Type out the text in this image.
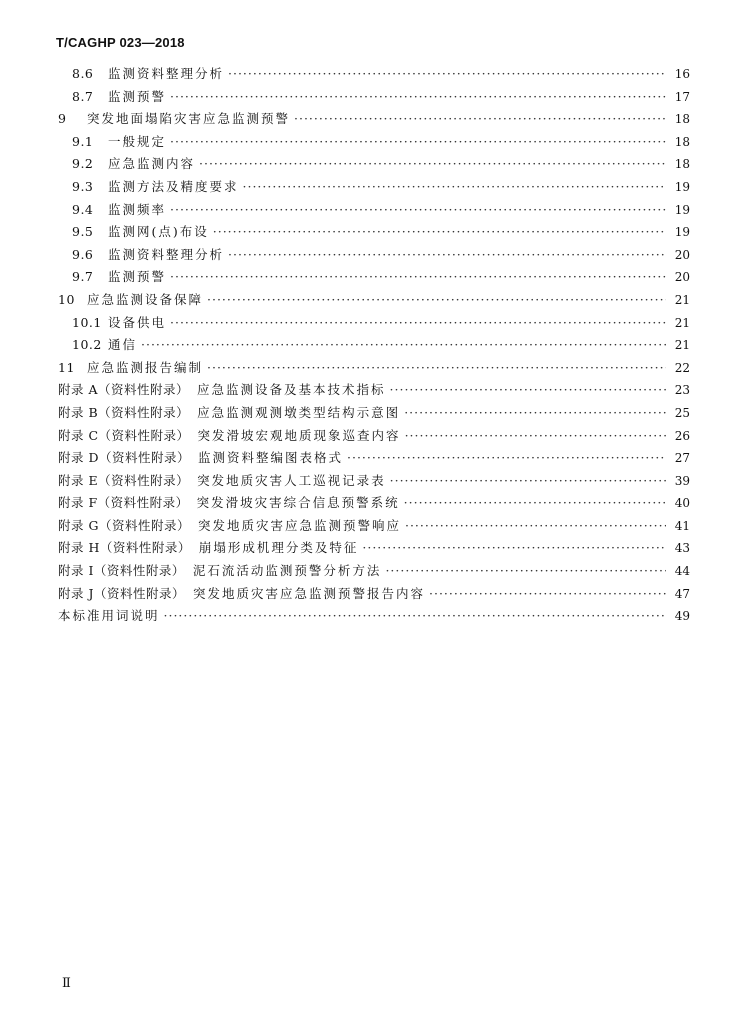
T/CAGHP 023—2018
8.6	监测资料整理分析 ·····	16
8.7	监测预警 ·····	17
9	突发地面塌陷灾害应急监测预警 ·····	18
9.1	一般规定 ·····	18
9.2	应急监测内容 ·····	18
9.3	监测方法及精度要求 ·····	19
9.4	监测频率 ·····	19
9.5	监测网(点)布设 ·····	19
9.6	监测资料整理分析 ·····	20
9.7	监测预警 ·····	20
10 应急监测设备保障 ·····	21
10.1 设备供电 ·····	21
10.2 通信 ·····	21
11 应急监测报告编制 ·····	22
附录 A（资料性附录） 应急监测设备及基本技术指标 ·····	23
附录 B（资料性附录） 应急监测观测墩类型结构示意图 ·····	25
附录 C（资料性附录） 突发滑坡宏观地质现象巡查内容 ·····	26
附录 D（资料性附录） 监测资料整编图表格式 ·····	27
附录 E（资料性附录） 突发地质灾害人工巡视记录表 ·····	39
附录 F（资料性附录） 突发滑坡灾害综合信息预警系统 ·····	40
附录 G（资料性附录） 突发地质灾害应急监测预警响应 ·····	41
附录 H（资料性附录） 崩塌形成机理分类及特征 ·····	43
附录 I（资料性附录） 泥石流活动监测预警分析方法 ·····	44
附录 J（资料性附录） 突发地质灾害应急监测预警报告内容 ·····	47
本标准用词说明 ·····	49
Ⅱ
